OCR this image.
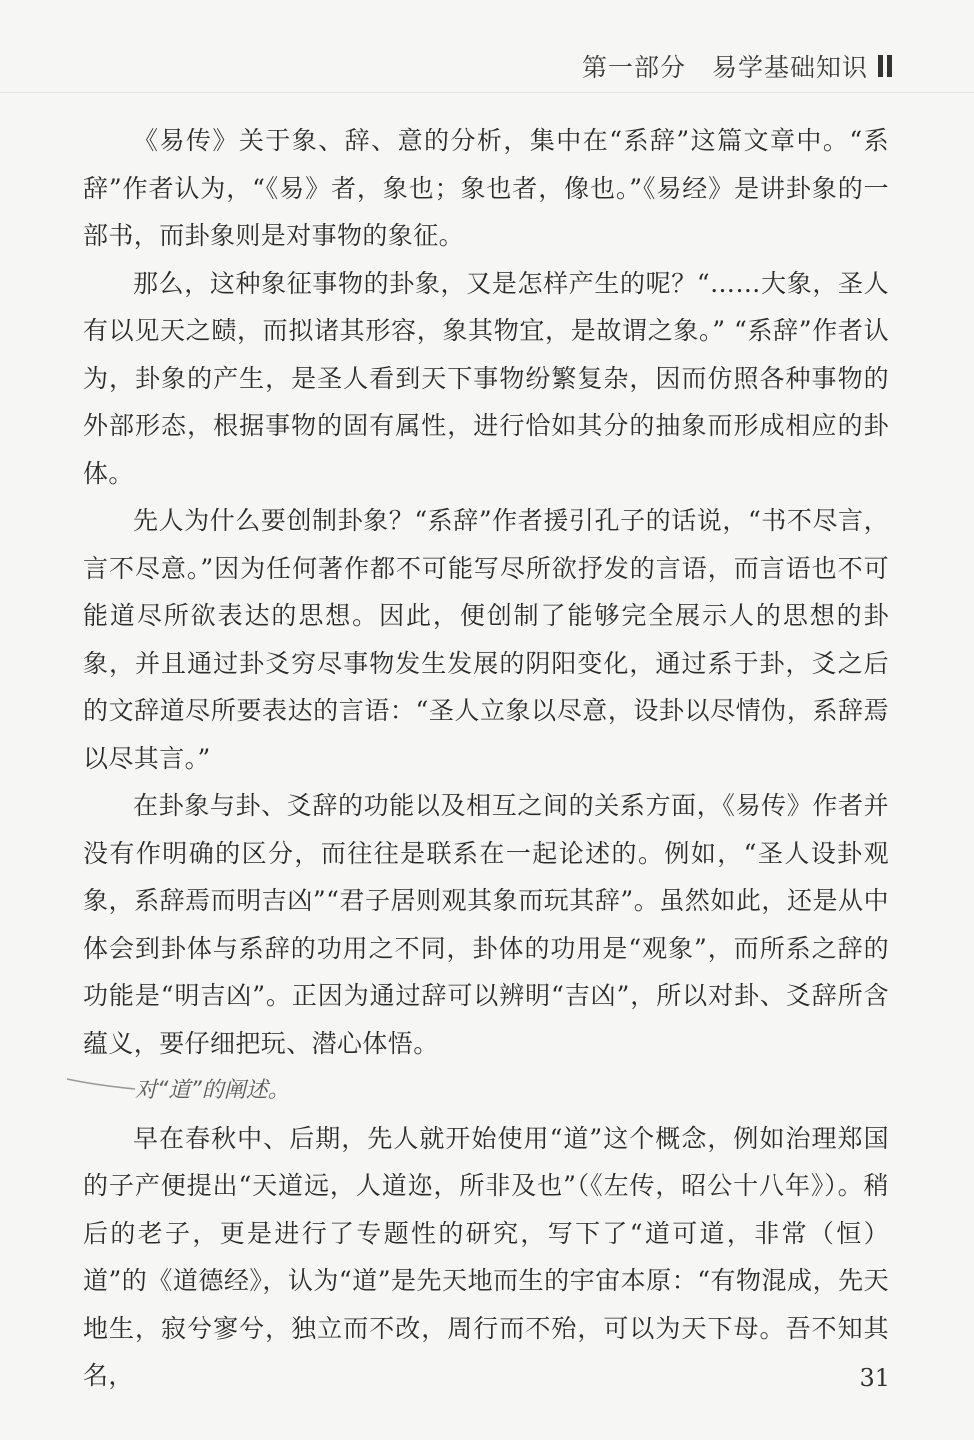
第一部分 易学基础知识

《易传》关于象、辞、意的分析，集中在“系辞”这篇文章中。“系辞”作者认为，“《易》者，象也；象也者，像也。”《易经》是讲卦象的一部书，而卦象则是对事物的象征。

那么，这种象征事物的卦象，又是怎样产生的呢？“……大象，圣人有以见天之赜，而拟诸其形容，象其物宜，是故谓之象。” “系辞”作者认为，卦象的产生，是圣人看到天下事物纷繁复杂，因而仿照各种事物的外部形态，根据事物的固有属性，进行恰如其分的抽象而形成相应的卦体。

先人为什么要创制卦象？“系辞”作者援引孔子的话说，“书不尽言，言不尽意。”因为任何著作都不可能写尽所欲抒发的言语，而言语也不可能道尽所欲表达的思想。因此，便创制了能够完全展示人的思想的卦象，并且通过卦爻穷尽事物发生发展的阴阳变化，通过系于卦，爻之后的文辞道尽所要表达的言语：“圣人立象以尽意，设卦以尽情伪，系辞焉以尽其言。”

在卦象与卦、爻辞的功能以及相互之间的关系方面，《易传》作者并没有作明确的区分，而往往是联系在一起论述的。例如，“圣人设卦观象，系辞焉而明吉凶”“君子居则观其象而玩其辞”。虽然如此，还是从中体会到卦体与系辞的功用之不同，卦体的功用是“观象”，而所系之辞的功能是“明吉凶”。正因为通过辞可以辨明“吉凶”，所以对卦、爻辞所含蕴义，要仔细把玩、潜心体悟。

对“道”的阐述。

早在春秋中、后期，先人就开始使用“道”这个概念，例如治理郑国的子产便提出“天道远，人道迩，所非及也”（《左传，昭公十八年》）。稍后的老子，更是进行了专题性的研究，写下了“道可道，非常（恒）道”的《道德经》，认为“道”是先天地而生的宇宙本原：“有物混成，先天地生，寂兮寥兮，独立而不改，周行而不殆，可以为天下母。吾不知其名，	31
